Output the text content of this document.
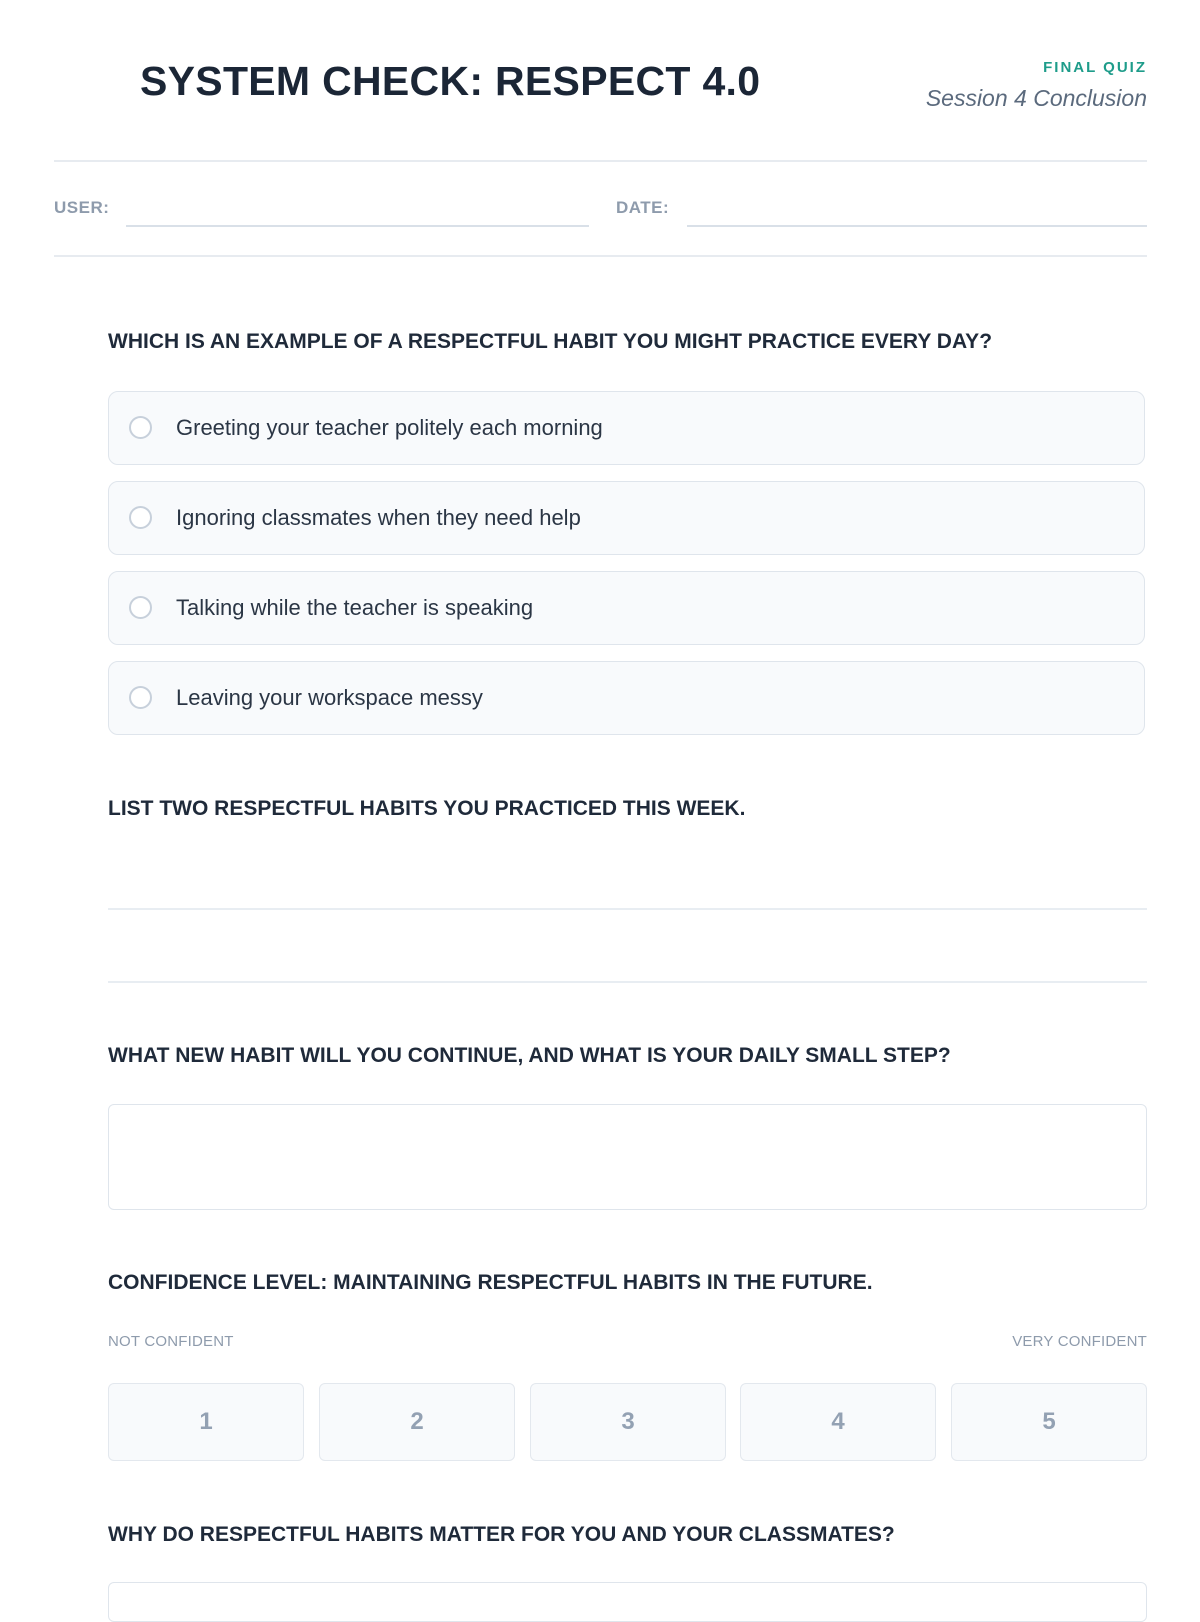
SYSTEM CHECK: RESPECT 4.0	FINAL QUIZ
Session 4 Conclusion
USER:	DATE:
WHICH IS AN EXAMPLE OF A RESPECTFUL HABIT YOU MIGHT PRACTICE EVERY DAY?
Greeting your teacher politely each morning
Ignoring classmates when they need help
Talking while the teacher is speaking
Leaving your workspace messy
LIST TWO RESPECTFUL HABITS YOU PRACTICED THIS WEEK.
WHAT NEW HABIT WILL YOU CONTINUE, AND WHAT IS YOUR DAILY SMALL STEP?
CONFIDENCE LEVEL: MAINTAINING RESPECTFUL HABITS IN THE FUTURE.
NOT CONFIDENT	VERY CONFIDENT
1	2	3	4	5
WHY DO RESPECTFUL HABITS MATTER FOR YOU AND YOUR CLASSMATES?
